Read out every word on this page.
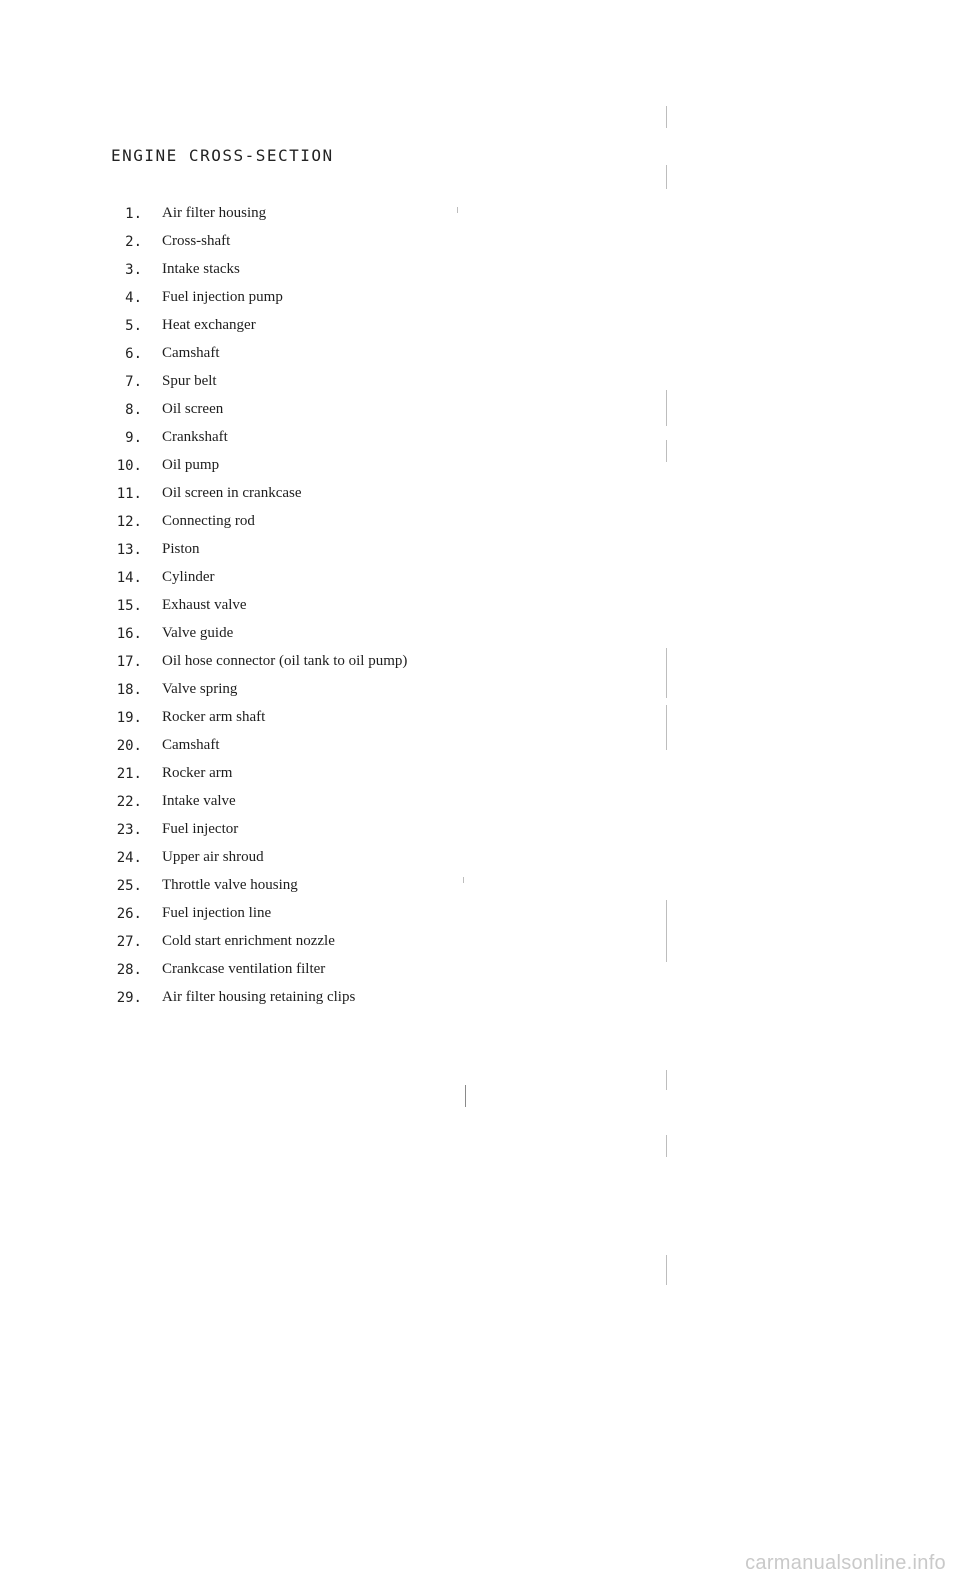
ENGINE CROSS-SECTION
1. Air filter housing
2. Cross-shaft
3. Intake stacks
4. Fuel injection pump
5. Heat exchanger
6. Camshaft
7. Spur belt
8. Oil screen
9. Crankshaft
10. Oil pump
11. Oil screen in crankcase
12. Connecting rod
13. Piston
14. Cylinder
15. Exhaust valve
16. Valve guide
17. Oil hose connector (oil tank to oil pump)
18. Valve spring
19. Rocker arm shaft
20. Camshaft
21. Rocker arm
22. Intake valve
23. Fuel injector
24. Upper air shroud
25. Throttle valve housing
26. Fuel injection line
27. Cold start enrichment nozzle
28. Crankcase ventilation filter
29. Air filter housing retaining clips
carmanualsonline.info
